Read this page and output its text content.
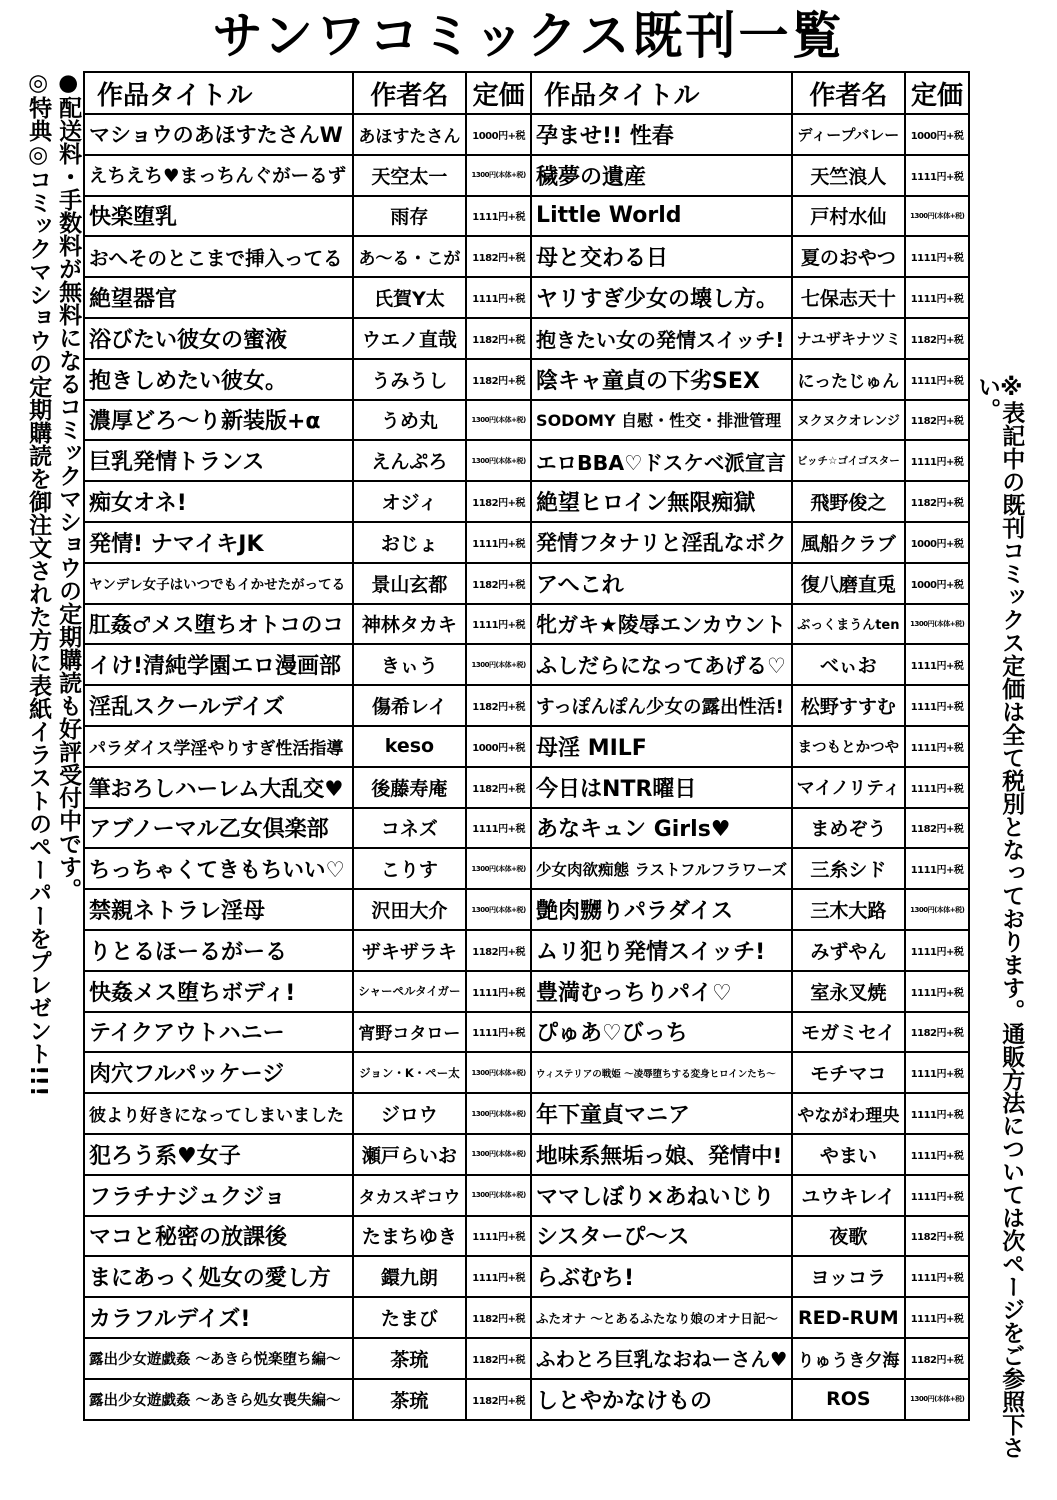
サンワコミックス既刊一覧
●配送料・手数料が無料になるコミックマショウの定期購読も好評受付中です。
◎特典◎コミックマショウの定期購読を御注文された方に表紙イラストのペーパーをプレゼント!!!	※表記中の既刊コミックス定価は全て税別となっております。通販方法については次ページをご参照下さい。
作品タイトル	作者名	定価	作品タイトル	作者名	定価
マショウのあほすたさんW	あほすたさん	1000円+税	孕ませ!! 性春	ディープバレー	1000円+税
えちえち♥まっちんぐがーるず	天空太一	1300円(本体+税)	穢夢の遺産	天竺浪人	1111円+税
快楽堕乳	雨存	1111円+税	Little World	戸村水仙	1300円(本体+税)
おへそのとこまで挿入ってる	あ〜る・こが	1182円+税	母と交わる日	夏のおやつ	1111円+税
絶望器官	氏賀Y太	1111円+税	ヤリすぎ少女の壊し方。	七保志天十	1111円+税
浴びたい彼女の蜜液	ウエノ直哉	1182円+税	抱きたい女の発情スイッチ!	ナユザキナツミ	1182円+税
抱きしめたい彼女。	うみうし	1182円+税	陰キャ童貞の下劣SEX	にったじゅん	1111円+税
濃厚どろ〜り新装版+α	うめ丸	1300円(本体+税)	SODOMY 自慰・性交・排泄管理	ヌクヌクオレンジ	1182円+税
巨乳発情トランス	えんぷろ	1300円(本体+税)	エロBBA♡ドスケベ派宣言	ビッチ☆ゴイゴスター	1111円+税
痴女オネ!	オジィ	1182円+税	絶望ヒロイン無限痴獄	飛野俊之	1182円+税
発情! ナマイキJK	おじょ	1111円+税	発情フタナリと淫乱なボク	風船クラブ	1000円+税
ヤンデレ女子はいつでもイかせたがってる	景山玄都	1182円+税	アへこれ	復八磨直兎	1000円+税
肛姦♂メス堕ちオトコのコ	神林タカキ	1111円+税	牝ガキ★陵辱エンカウント	ぶっくまうんten	1300円(本体+税)
イけ!清純学園エロ漫画部	きぃう	1300円(本体+税)	ふしだらになってあげる♡	べぃお	1111円+税
淫乱スクールデイズ	傷希レイ	1182円+税	すっぽんぽん少女の露出性活!	松野すすむ	1111円+税
パラダイス学淫やりすぎ性活指導	keso	1000円+税	母淫 MILF	まつもとかつや	1111円+税
筆おろしハーレム大乱交♥	後藤寿庵	1182円+税	今日はNTR曜日	マイノリティ	1111円+税
アブノーマル乙女倶楽部	コネズ	1111円+税	あなキュン Girls♥	まめぞう	1182円+税
ちっちゃくてきもちいい♡	こりす	1300円(本体+税)	少女肉欲痴態 ラストフルフラワーズ	三糸シド	1111円+税
禁親ネトラレ淫母	沢田大介	1300円(本体+税)	艶肉嬲りパラダイス	三木大路	1300円(本体+税)
りとるほーるがーる	ザキザラキ	1182円+税	ムリ犯り発情スイッチ!	みずやん	1111円+税
快姦メス堕ちボディ!	シャーペルタイガー	1111円+税	豊満むっちりパイ♡	室永叉焼	1111円+税
テイクアウトハニー	宵野コタロー	1111円+税	ぴゅあ♡びっち	モガミセイ	1182円+税
肉穴フルパッケージ	ジョン・K・ペー太	1300円(本体+税)	ウィステリアの戦姫 〜凌辱堕ちする変身ヒロインたち〜	モチマコ	1111円+税
彼より好きになってしまいました	ジロウ	1300円(本体+税)	年下童貞マニア	やながわ理央	1111円+税
犯ろう系♥女子	瀬戸らいお	1300円(本体+税)	地味系無垢っ娘、発情中!	やまい	1111円+税
フラチナジュクジョ	タカスギコウ	1300円(本体+税)	ママしぼり×あねいじり	ユウキレイ	1111円+税
マコと秘密の放課後	たまちゆき	1111円+税	シスターぴ〜ス	夜歌	1182円+税
まにあっく処女の愛し方	鐶九朗	1111円+税	らぶむち!	ヨッコラ	1111円+税
カラフルデイズ!	たまび	1182円+税	ふたオナ 〜とあるふたなり娘のオナ日記〜	RED-RUM	1111円+税
露出少女遊戯姦 〜あきら悦楽堕ち編〜	茶琉	1182円+税	ふわとろ巨乳なおねーさん♥	りゅうき夕海	1182円+税
露出少女遊戯姦 〜あきら処女喪失編〜	茶琉	1182円+税	しとやかなけもの	ROS	1300円(本体+税)
